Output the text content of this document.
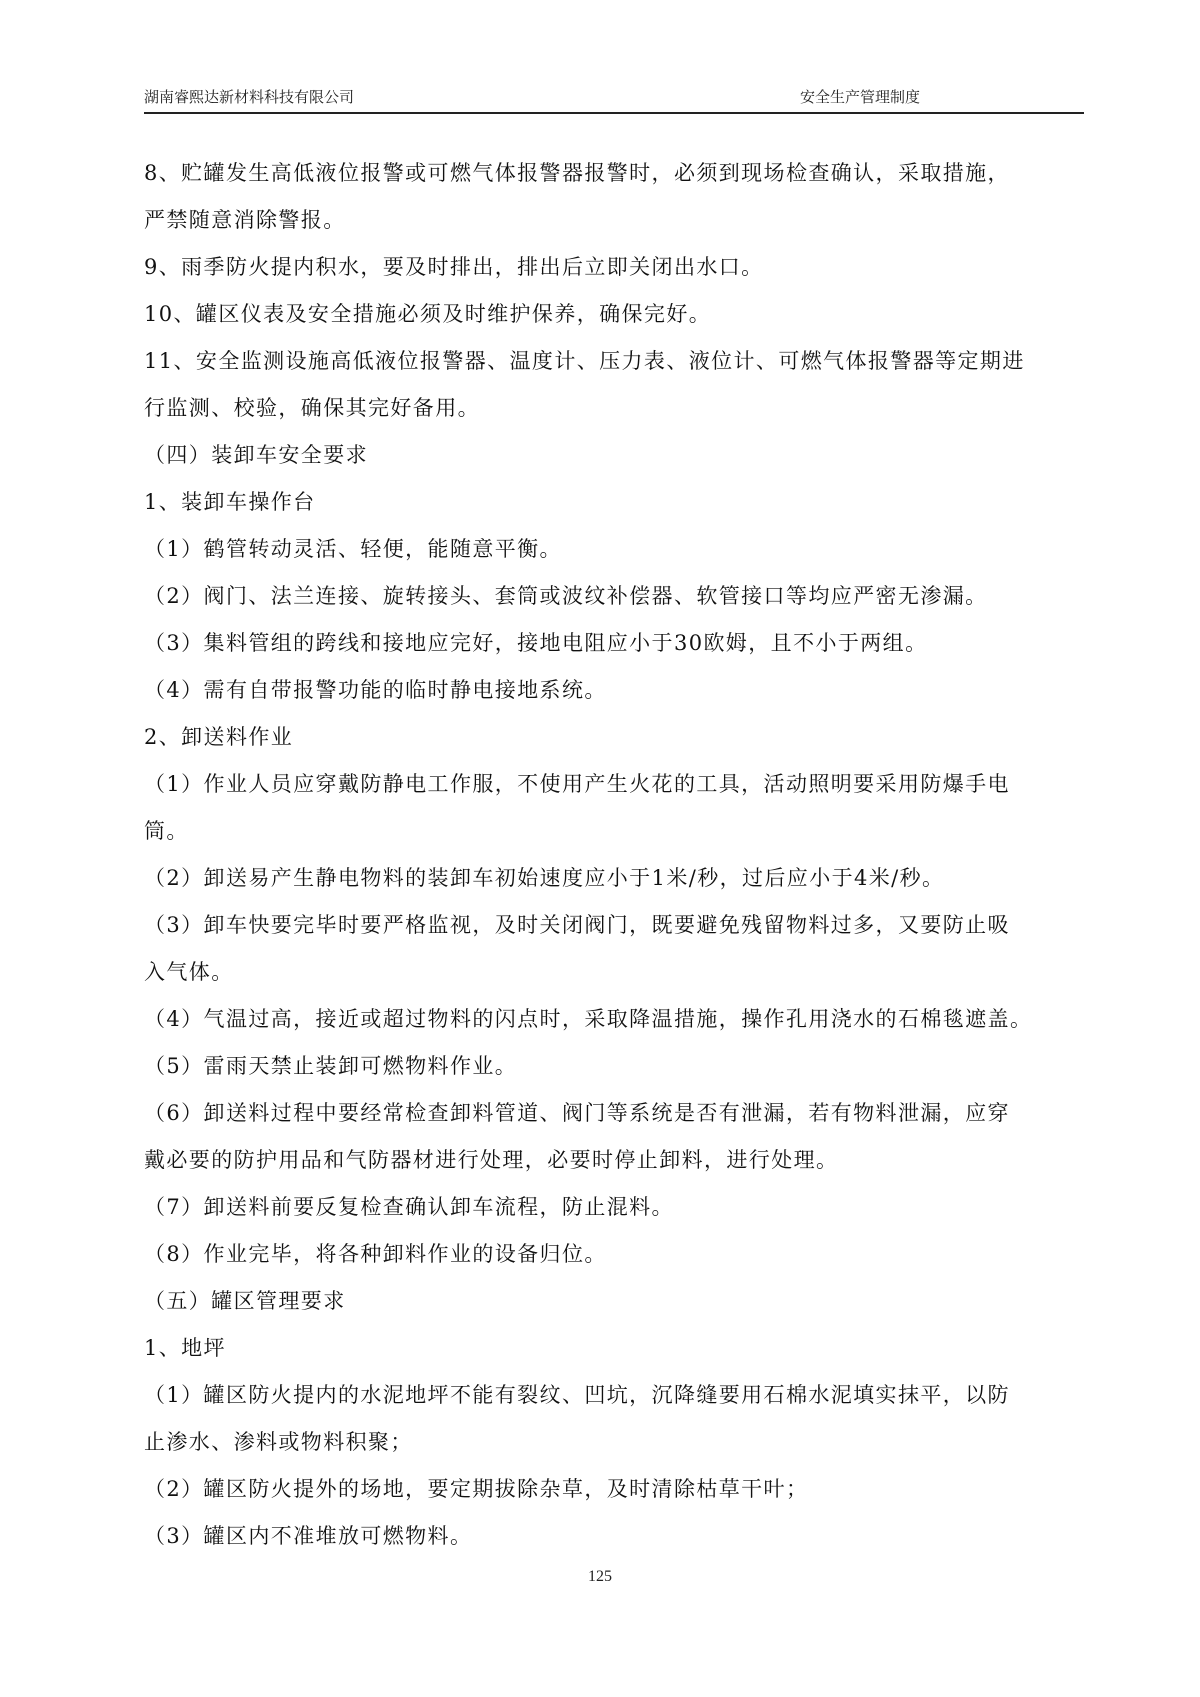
湖南睿熙达新材料科技有限公司	安全生产管理制度
8、贮罐发生高低液位报警或可燃气体报警器报警时，必须到现场检查确认，采取措施，
严禁随意消除警报。
9、雨季防火提内积水，要及时排出，排出后立即关闭出水口。
10、罐区仪表及安全措施必须及时维护保养，确保完好。
11、安全监测设施高低液位报警器、温度计、压力表、液位计、可燃气体报警器等定期进
行监测、校验，确保其完好备用。
（四）装卸车安全要求
1、装卸车操作台
（1）鹤管转动灵活、轻便，能随意平衡。
（2）阀门、法兰连接、旋转接头、套筒或波纹补偿器、软管接口等均应严密无渗漏。
（3）集料管组的跨线和接地应完好，接地电阻应小于30欧姆，且不小于两组。
（4）需有自带报警功能的临时静电接地系统。
2、卸送料作业
（1）作业人员应穿戴防静电工作服，不使用产生火花的工具，活动照明要采用防爆手电
筒。
（2）卸送易产生静电物料的装卸车初始速度应小于1米/秒，过后应小于4米/秒。
（3）卸车快要完毕时要严格监视，及时关闭阀门，既要避免残留物料过多，又要防止吸
入气体。
（4）气温过高，接近或超过物料的闪点时，采取降温措施，操作孔用浇水的石棉毯遮盖。
（5）雷雨天禁止装卸可燃物料作业。
（6）卸送料过程中要经常检查卸料管道、阀门等系统是否有泄漏，若有物料泄漏，应穿
戴必要的防护用品和气防器材进行处理，必要时停止卸料，进行处理。
（7）卸送料前要反复检查确认卸车流程，防止混料。
（8）作业完毕，将各种卸料作业的设备归位。
（五）罐区管理要求
1、地坪
（1）罐区防火提内的水泥地坪不能有裂纹、凹坑，沉降缝要用石棉水泥填实抹平，以防
止渗水、渗料或物料积聚；
（2）罐区防火提外的场地，要定期拔除杂草，及时清除枯草干叶；
（3）罐区内不准堆放可燃物料。
125
